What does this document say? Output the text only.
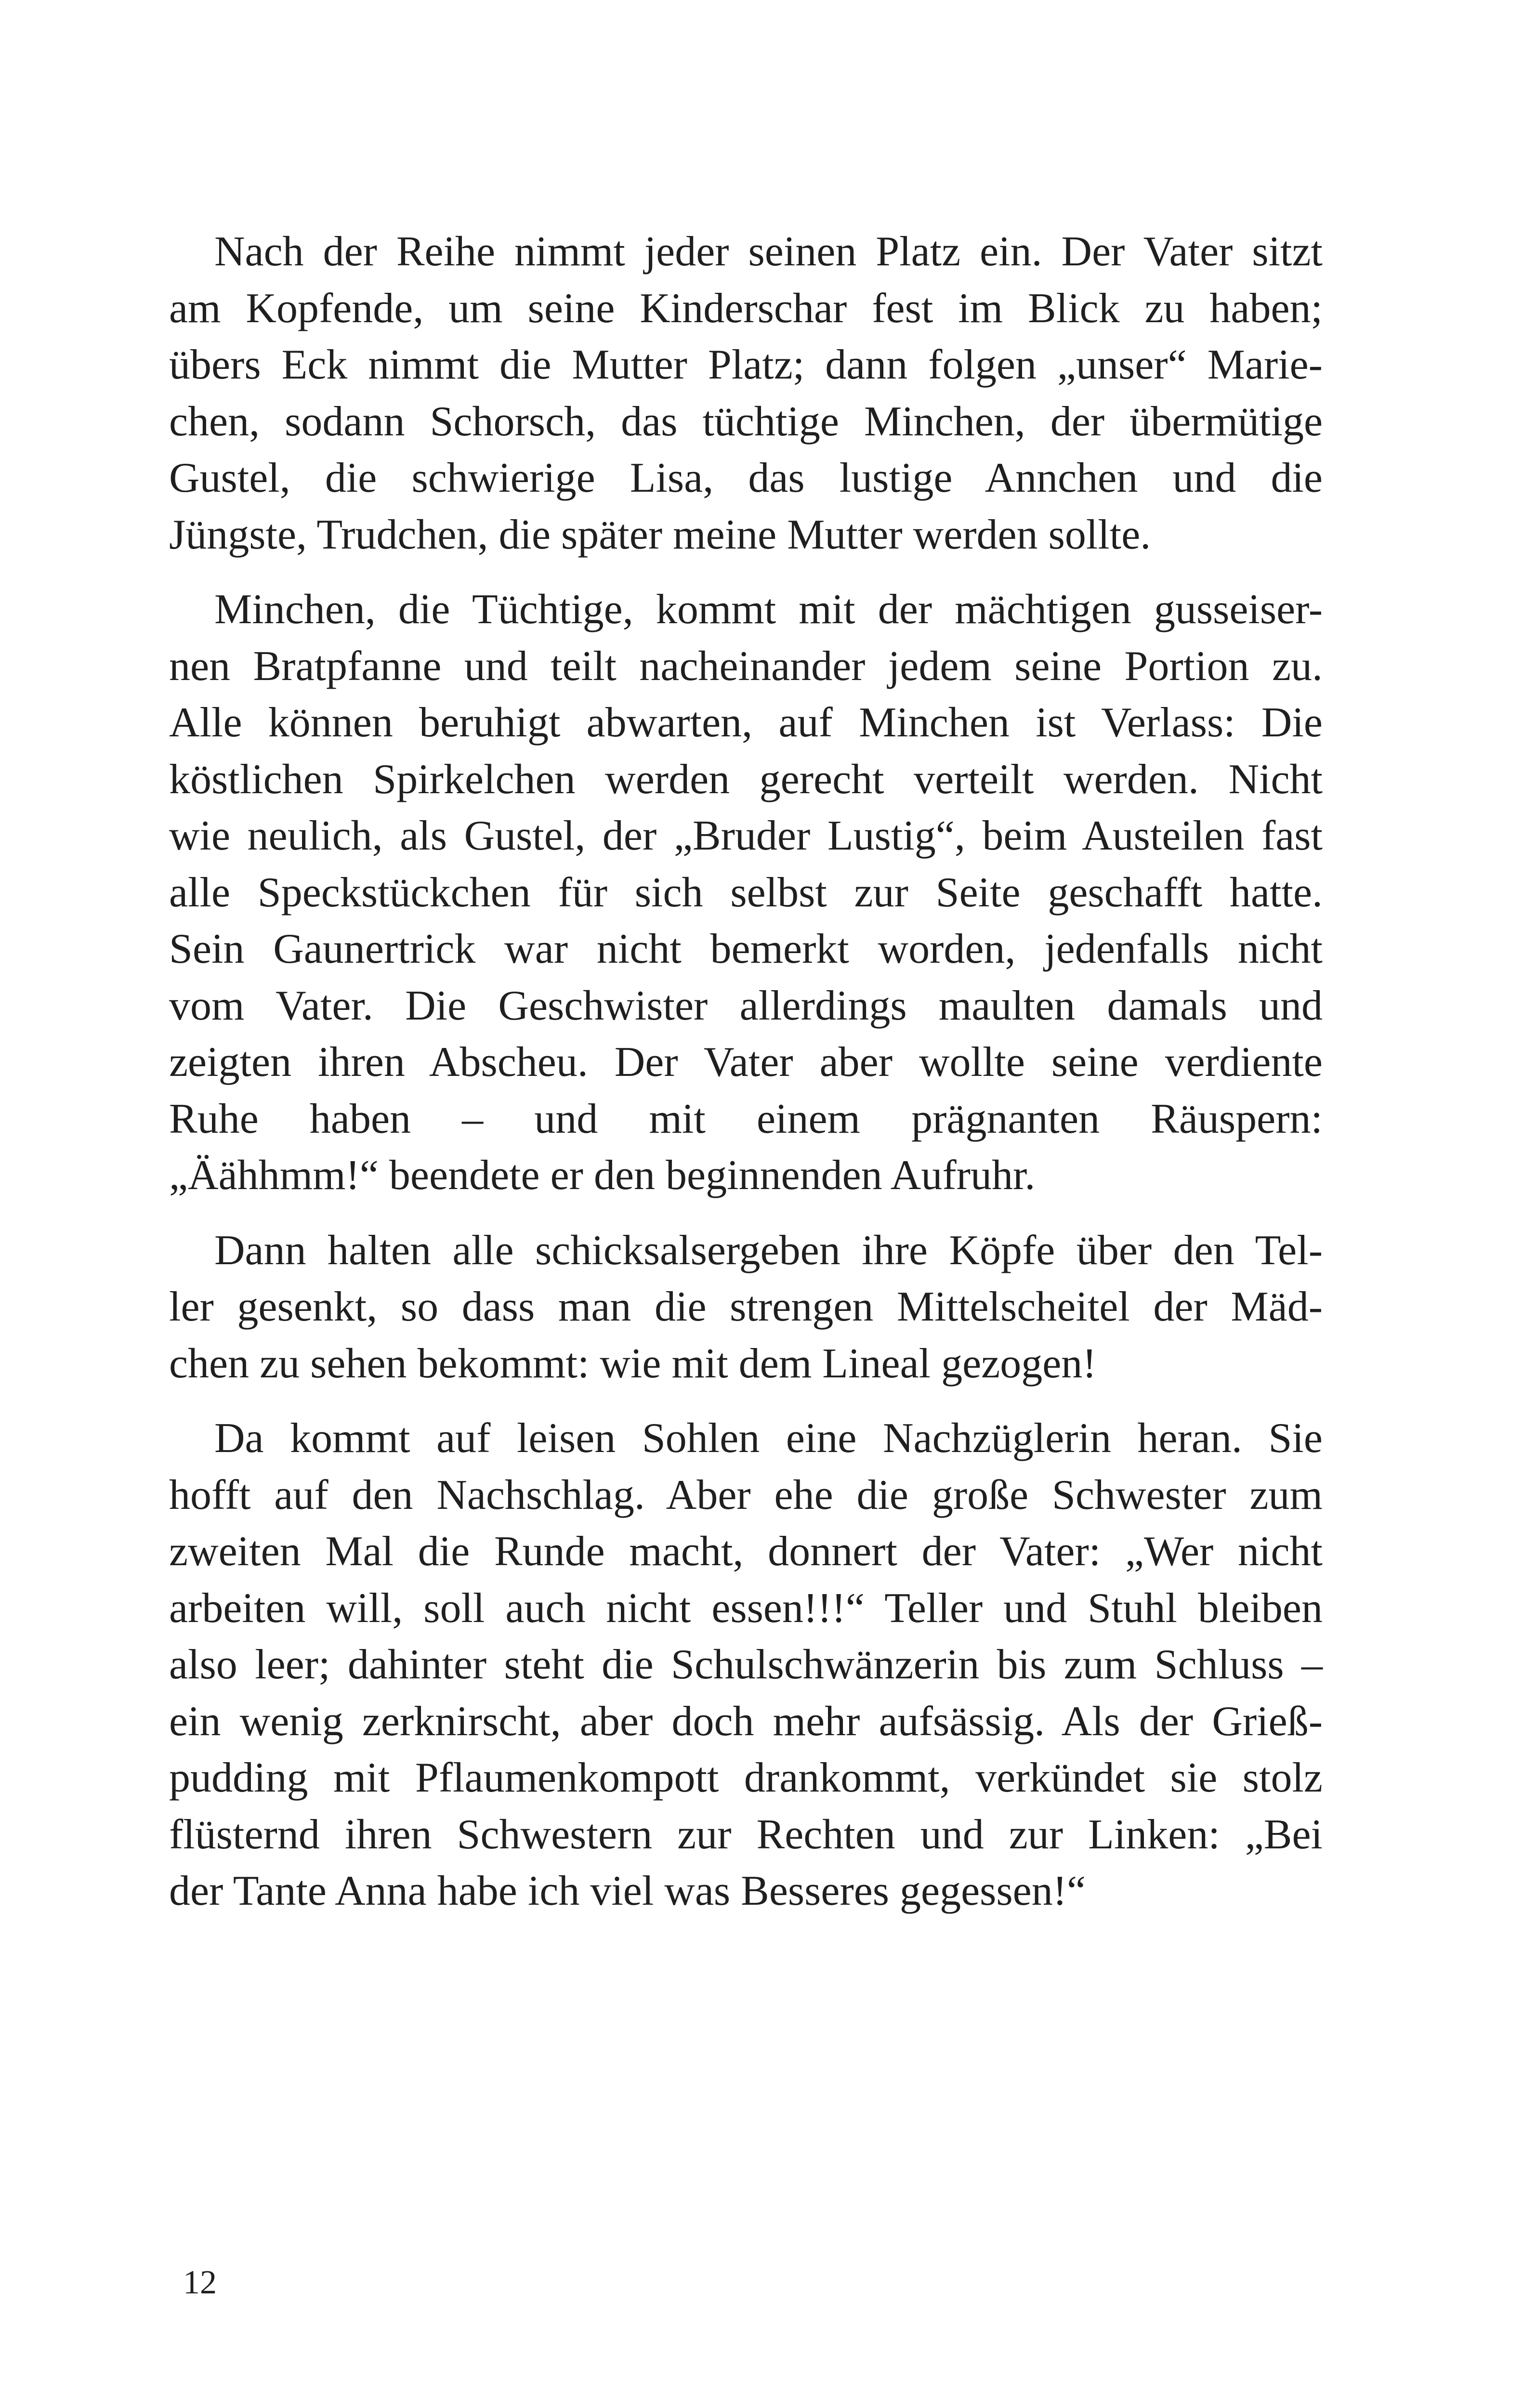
Nach der Reihe nimmt jeder seinen Platz ein. Der Vater sitzt
am Kopfende, um seine Kinderschar fest im Blick zu haben;
übers Eck nimmt die Mutter Platz; dann folgen „unser“ Marie-
chen, sodann Schorsch, das tüchtige Minchen, der übermütige
Gustel, die schwierige Lisa, das lustige Annchen und die
Jüngste, Trudchen, die später meine Mutter werden sollte.
Minchen, die Tüchtige, kommt mit der mächtigen gusseiser-
nen Bratpfanne und teilt nacheinander jedem seine Portion zu.
Alle können beruhigt abwarten, auf Minchen ist Verlass: Die
köstlichen Spirkelchen werden gerecht verteilt werden. Nicht
wie neulich, als Gustel, der „Bruder Lustig“, beim Austeilen fast
alle Speckstückchen für sich selbst zur Seite geschafft hatte.
Sein Gaunertrick war nicht bemerkt worden, jedenfalls nicht
vom Vater. Die Geschwister allerdings maulten damals und
zeigten ihren Abscheu. Der Vater aber wollte seine verdiente
Ruhe haben – und mit einem prägnanten Räuspern:
„Äähhmm!“ beendete er den beginnenden Aufruhr.
Dann halten alle schicksalsergeben ihre Köpfe über den Tel-
ler gesenkt, so dass man die strengen Mittelscheitel der Mäd-
chen zu sehen bekommt: wie mit dem Lineal gezogen!
Da kommt auf leisen Sohlen eine Nachzüglerin heran. Sie
hofft auf den Nachschlag. Aber ehe die große Schwester zum
zweiten Mal die Runde macht, donnert der Vater: „Wer nicht
arbeiten will, soll auch nicht essen!!!“ Teller und Stuhl bleiben
also leer; dahinter steht die Schulschwänzerin bis zum Schluss –
ein wenig zerknirscht, aber doch mehr aufsässig. Als der Grieß-
pudding mit Pflaumenkompott drankommt, verkündet sie stolz
flüsternd ihren Schwestern zur Rechten und zur Linken: „Bei
der Tante Anna habe ich viel was Besseres gegessen!“
12
